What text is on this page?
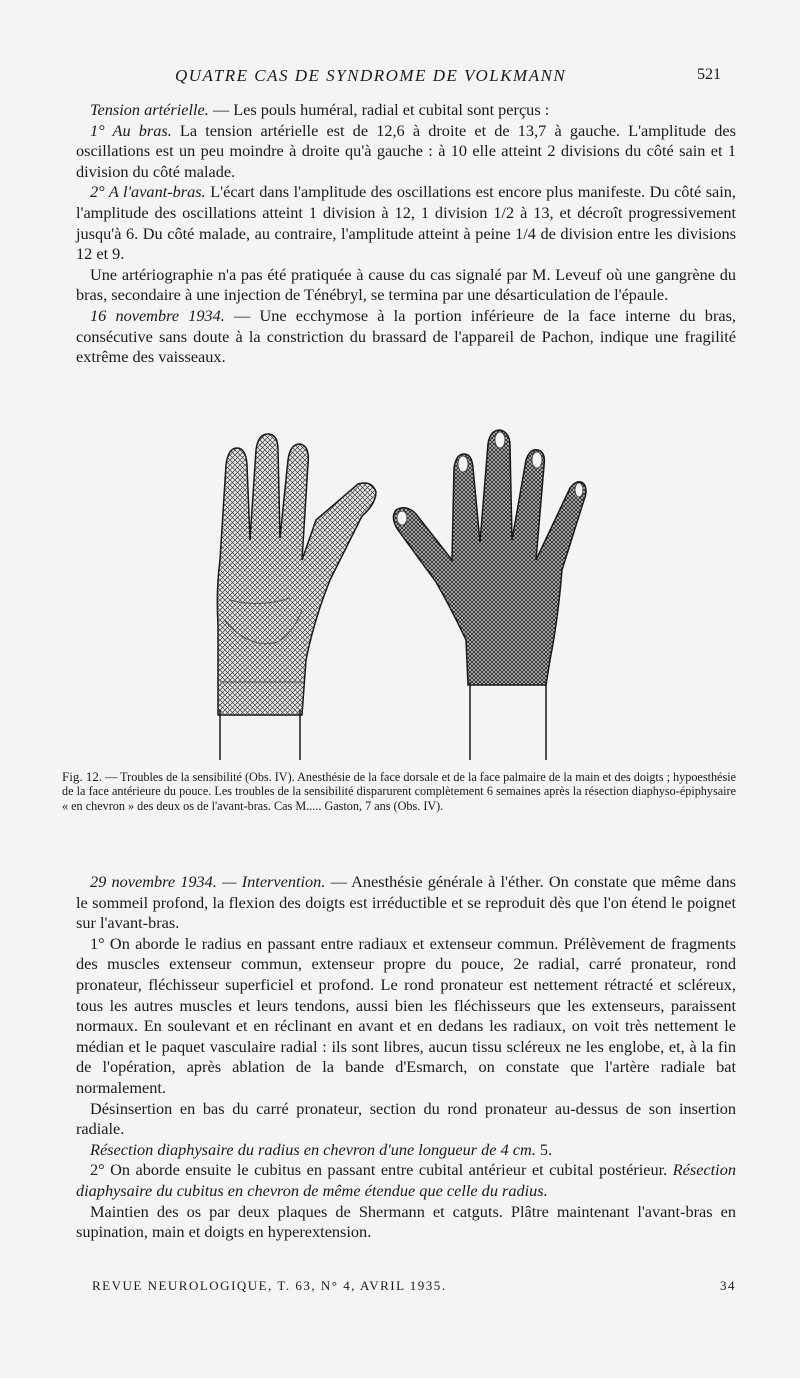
QUATRE CAS DE SYNDROME DE VOLKMANN	521

Tension artérielle. — Les pouls huméral, radial et cubital sont perçus :

1° Au bras. La tension artérielle est de 12,6 à droite et de 13,7 à gauche. L'amplitude des oscillations est un peu moindre à droite qu'à gauche : à 10 elle atteint 2 divisions du côté sain et 1 division du côté malade.

2° A l'avant-bras. L'écart dans l'amplitude des oscillations est encore plus manifeste. Du côté sain, l'amplitude des oscillations atteint 1 division à 12, 1 division 1/2 à 13, et décroît progressivement jusqu'à 6. Du côté malade, au contraire, l'amplitude atteint à peine 1/4 de division entre les divisions 12 et 9.

Une artériographie n'a pas été pratiquée à cause du cas signalé par M. Leveuf où une gangrène du bras, secondaire à une injection de Ténébryl, se termina par une désarticulation de l'épaule.

16 novembre 1934. — Une ecchymose à la portion inférieure de la face interne du bras, consécutive sans doute à la constriction du brassard de l'appareil de Pachon, indique une fragilité extrême des vaisseaux.

Fig. 12. — Troubles de la sensibilité (Obs. IV). Anesthésie de la face dorsale et de la face palmaire de la main et des doigts ; hypoesthésie de la face antérieure du pouce. Les troubles de la sensibilité disparurent complètement 6 semaines après la résection diaphyso-épiphysaire « en chevron » des deux os de l'avant-bras. Cas M..... Gaston, 7 ans (Obs. IV).

29 novembre 1934. — Intervention. — Anesthésie générale à l'éther. On constate que même dans le sommeil profond, la flexion des doigts est irréductible et se reproduit dès que l'on étend le poignet sur l'avant-bras.

1° On aborde le radius en passant entre radiaux et extenseur commun. Prélèvement de fragments des muscles extenseur commun, extenseur propre du pouce, 2e radial, carré pronateur, rond pronateur, fléchisseur superficiel et profond. Le rond pronateur est nettement rétracté et scléreux, tous les autres muscles et leurs tendons, aussi bien les fléchisseurs que les extenseurs, paraissent normaux. En soulevant et en réclinant en avant et en dedans les radiaux, on voit très nettement le médian et le paquet vasculaire radial : ils sont libres, aucun tissu scléreux ne les englobe, et, à la fin de l'opération, après ablation de la bande d'Esmarch, on constate que l'artère radiale bat normalement.

Désinsertion en bas du carré pronateur, section du rond pronateur au-dessus de son insertion radiale.

Résection diaphysaire du radius en chevron d'une longueur de 4 cm. 5.

2° On aborde ensuite le cubitus en passant entre cubital antérieur et cubital postérieur. Résection diaphysaire du cubitus en chevron de même étendue que celle du radius.

Maintien des os par deux plaques de Shermann et catguts. Plâtre maintenant l'avant-bras en supination, main et doigts en hyperextension.

REVUE NEUROLOGIQUE, T. 63, N° 4, AVRIL 1935.	34
